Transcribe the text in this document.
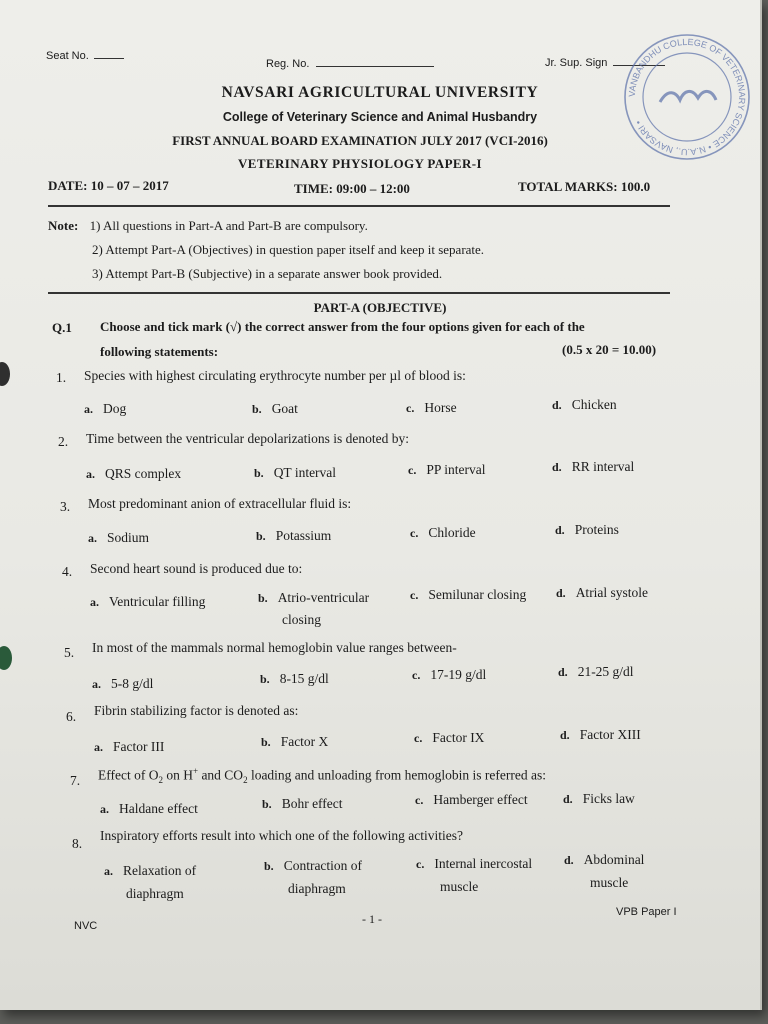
Seat No.
Reg. No.	Jr. Sup. Sign
VANBANDHU COLLEGE OF VETERINARY SCIENCE • N.A.U., NAVSARI •
NAVSARI AGRICULTURAL UNIVERSITY
College of Veterinary Science and Animal Husbandry
FIRST ANNUAL BOARD EXAMINATION JULY 2017 (VCI-2016)
VETERINARY PHYSIOLOGY PAPER-I
DATE: 10 – 07 – 2017	TIME: 09:00 – 12:00	TOTAL MARKS: 100.0
Note: 1) All questions in Part-A and Part-B are compulsory.
2) Attempt Part-A (Objectives) in question paper itself and keep it separate.
3) Attempt Part-B (Subjective) in a separate answer book provided.
PART-A (OBJECTIVE)
Q.1 Choose and tick mark (√) the correct answer from the four options given for each of the
following statements:	(0.5 x 20 = 10.00)
1. Species with highest circulating erythrocyte number per µl of blood is:
a. Dog	b. Goat	c. Horse	d. Chicken
2. Time between the ventricular depolarizations is denoted by:
a. QRS complex	b. QT interval	c. PP interval	d. RR interval
3. Most predominant anion of extracellular fluid is:
a. Sodium	b. Potassium	c. Chloride	d. Proteins
4. Second heart sound is produced due to:
a. Ventricular filling	b. Atrio-ventricular
closing
c. Semilunar closing d. Atrial systole
5. In most of the mammals normal hemoglobin value ranges between-
a. 5-8 g/dl	b. 8-15 g/dl	c. 17-19 g/dl	d. 21-25 g/dl
6. Fibrin stabilizing factor is denoted as:
a. Factor III	b. Factor X	c. Factor IX	d. Factor XIII
7. Effect of $O_2$ on H+ and $CO_2$ loading and unloading from hemoglobin is referred as:
a. Haldane effect	b. Bohr effect	c. Hamberger effect	d. Ficks law
8.
Inspiratory efforts result into which one of the following activities?
a. Relaxation of
diaphragm
b. Contraction of
diaphragm
c. Internal inercostal
muscle
d. Abdominal
muscle
NVC	- 1 -	VPB Paper I
